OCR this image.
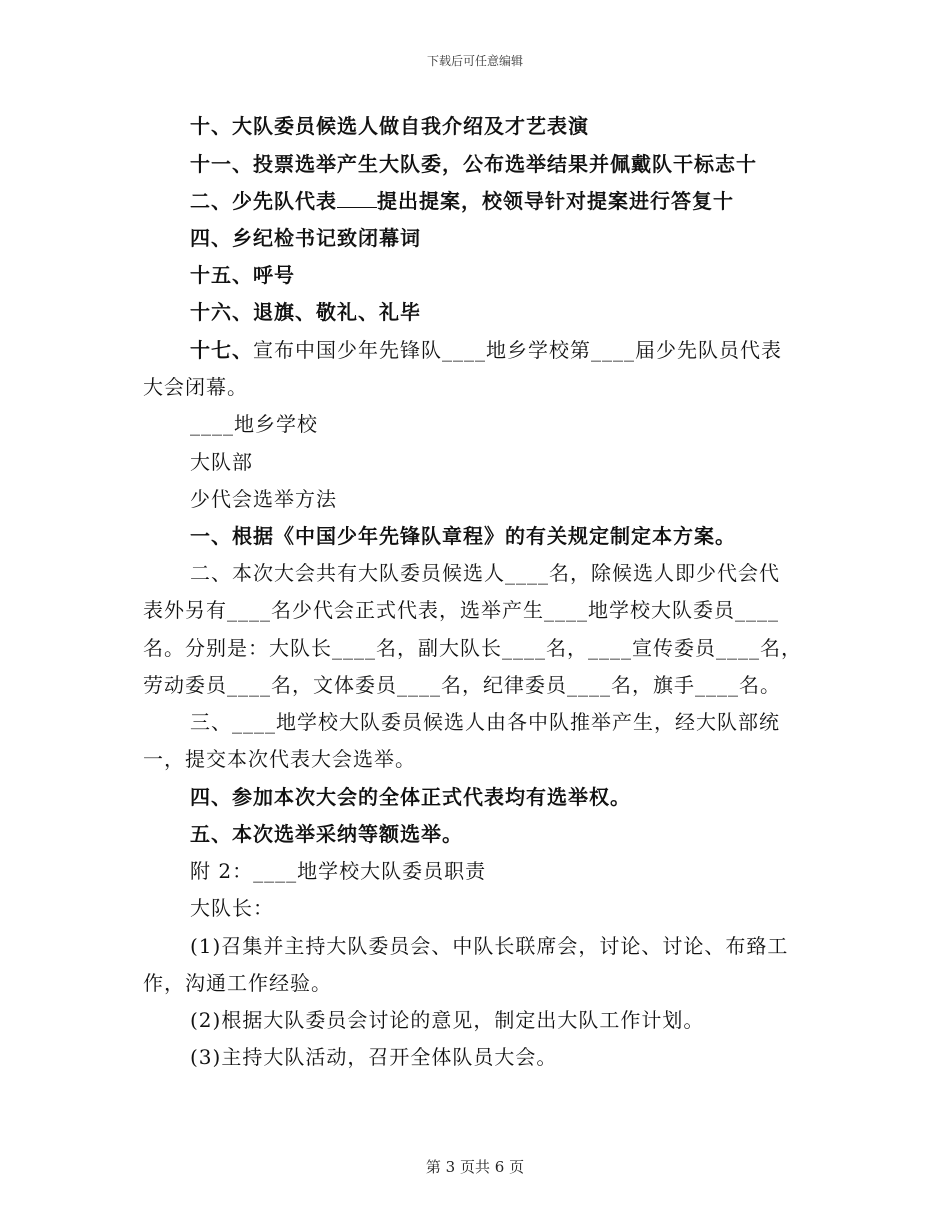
下载后可任意编辑
十、大队委员候选人做自我介绍及才艺表演
十一、投票选举产生大队委，公布选举结果并佩戴队干标志十
二、少先队代表 提出提案，校领导针对提案进行答复十
四、乡纪检书记致闭幕词
十五、呼号
十六、退旗、敬礼、礼毕
十七、宣布中国少年先锋队____地乡学校第____届少先队员代表
大会闭幕。
____地乡学校
大队部
少代会选举方法
一、根据《中国少年先锋队章程》的有关规定制定本方案。
二、本次大会共有大队委员候选人____名，除候选人即少代会代
表外另有____名少代会正式代表，选举产生____地学校大队委员____
名。分别是：大队长____名，副大队长____名，____宣传委员____名，
劳动委员____名，文体委员____名，纪律委员____名，旗手____名。
三、____地学校大队委员候选人由各中队推举产生，经大队部统
一，提交本次代表大会选举。
四、参加本次大会的全体正式代表均有选举权。
五、本次选举采纳等额选举。
附 2：____地学校大队委员职责
大队长：
(1)召集并主持大队委员会、中队长联席会，讨论、讨论、布臵工
作，沟通工作经验。
(2)根据大队委员会讨论的意见，制定出大队工作计划。
(3)主持大队活动，召开全体队员大会。
第 3 页共 6 页
